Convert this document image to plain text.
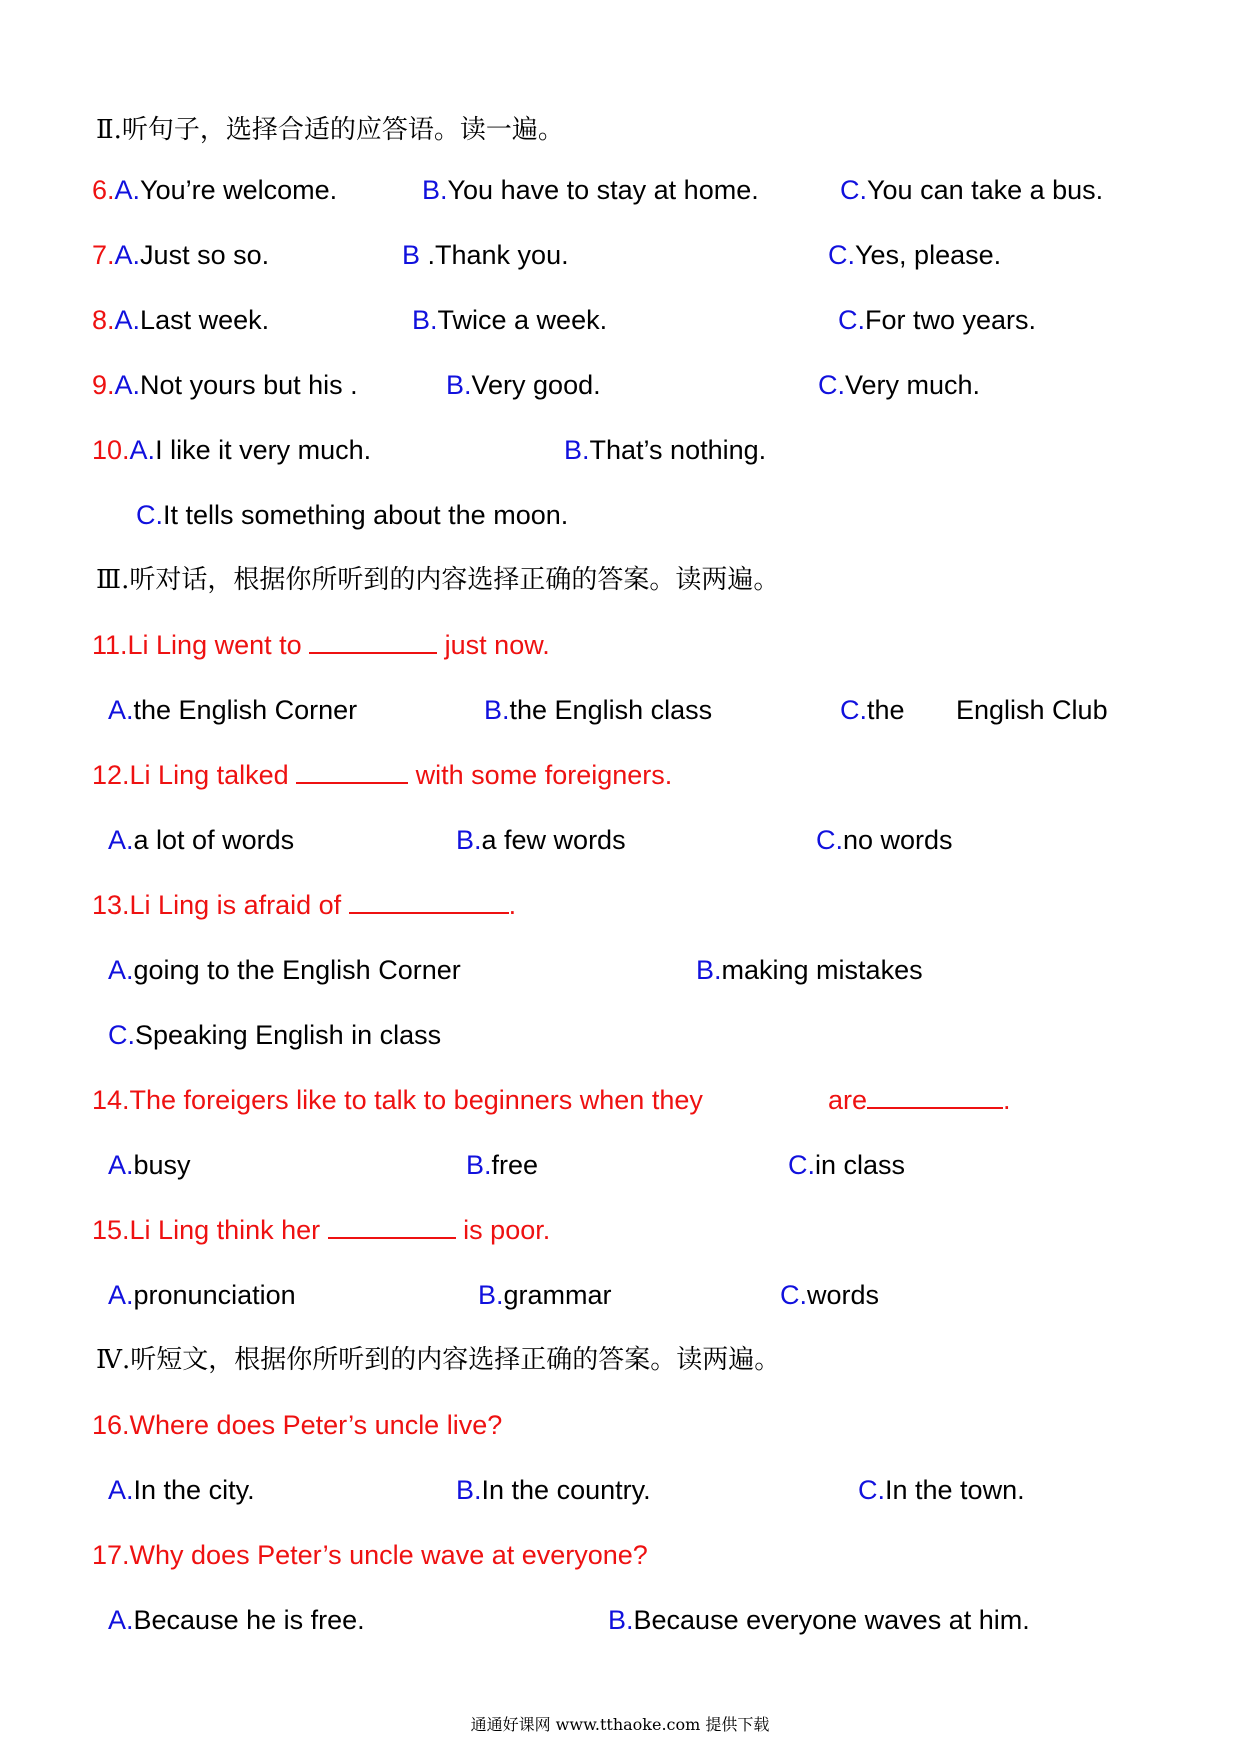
Ⅱ.听句子，选择合适的应答语。读一遍。
6.A.You’re welcome.	B.You have to stay at home.	C.You can take a bus.
7.A.Just so so.	B .Thank you.	C.Yes, please.
8.A.Last week.	B.Twice a week.	C.For two years.
9.A.Not yours but his .	B.Very good.	C.Very much.
10.A.I like it very much.	B.That’s nothing.
C.It tells something about the moon.
Ⅲ.听对话，根据你所听到的内容选择正确的答案。读两遍。
11.Li Ling went to	just now.
A.the English Corner	B.the English class	C.the English Club
12.Li Ling talked	with some foreigners.
A.a lot of words	B.a few words	C.no words
13.Li Ling is afraid of	.
A.going to the English Corner	B.making mistakes
C.Speaking English in class
14.The foreigers like to talk to beginners when they	are	.
A.busy	B.free	C.in class
15.Li Ling think her	is poor.
A.pronunciation	B.grammar	C.words
Ⅳ.听短文，根据你所听到的内容选择正确的答案。读两遍。
16.Where does Peter’s uncle live?
A.In the city.	B.In the country.	C.In the town.
17.Why does Peter’s uncle wave at everyone?
A.Because he is free.	B.Because everyone waves at him.
通通好课网 www.tthaoke.com 提供下载
